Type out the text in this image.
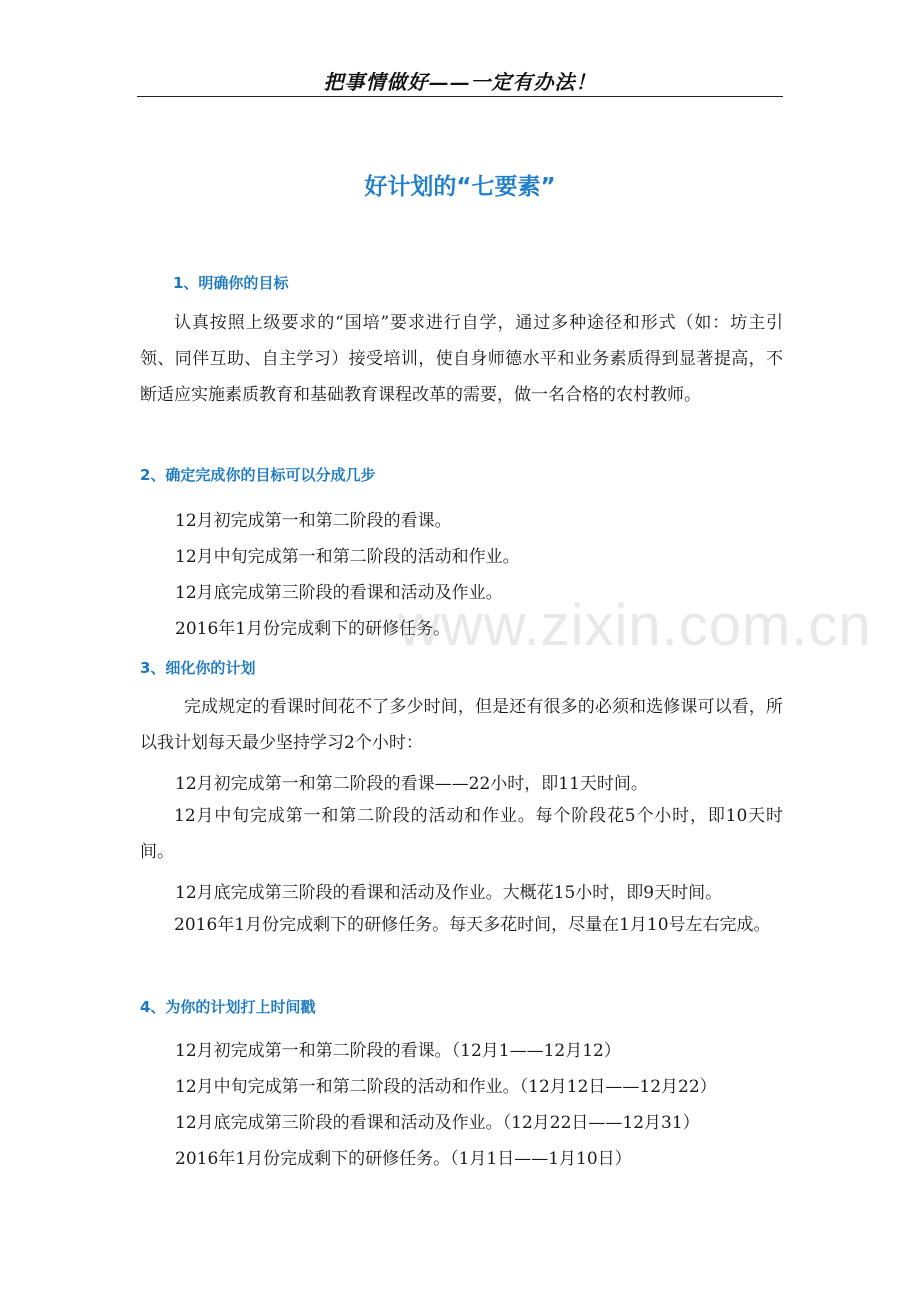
把事情做好——一定有办法！
好计划的“七要素”
1、明确你的目标
认真按照上级要求的“国培”要求进行自学，通过多种途径和形式（如：坊主引领、同伴互助、自主学习）接受培训，使自身师德水平和业务素质得到显著提高，不断适应实施素质教育和基础教育课程改革的需要，做一名合格的农村教师。
2、确定完成你的目标可以分成几步
12月初完成第一和第二阶段的看课。
12月中旬完成第一和第二阶段的活动和作业。
12月底完成第三阶段的看课和活动及作业。
2016年1月份完成剩下的研修任务。
3、细化你的计划
完成规定的看课时间花不了多少时间，但是还有很多的必须和选修课可以看，所以我计划每天最少坚持学习2个小时：
12月初完成第一和第二阶段的看课——22小时，即11天时间。
12月中旬完成第一和第二阶段的活动和作业。每个阶段花5个小时，即10天时间。
12月底完成第三阶段的看课和活动及作业。大概花15小时，即9天时间。
2016年1月份完成剩下的研修任务。每天多花时间，尽量在1月10号左右完成。
4、为你的计划打上时间戳
12月初完成第一和第二阶段的看课。（12月1——12月12）
12月中旬完成第一和第二阶段的活动和作业。（12月12日——12月22）
12月底完成第三阶段的看课和活动及作业。（12月22日——12月31）
2016年1月份完成剩下的研修任务。（1月1日——1月10日）
www.zixin.com.cn
